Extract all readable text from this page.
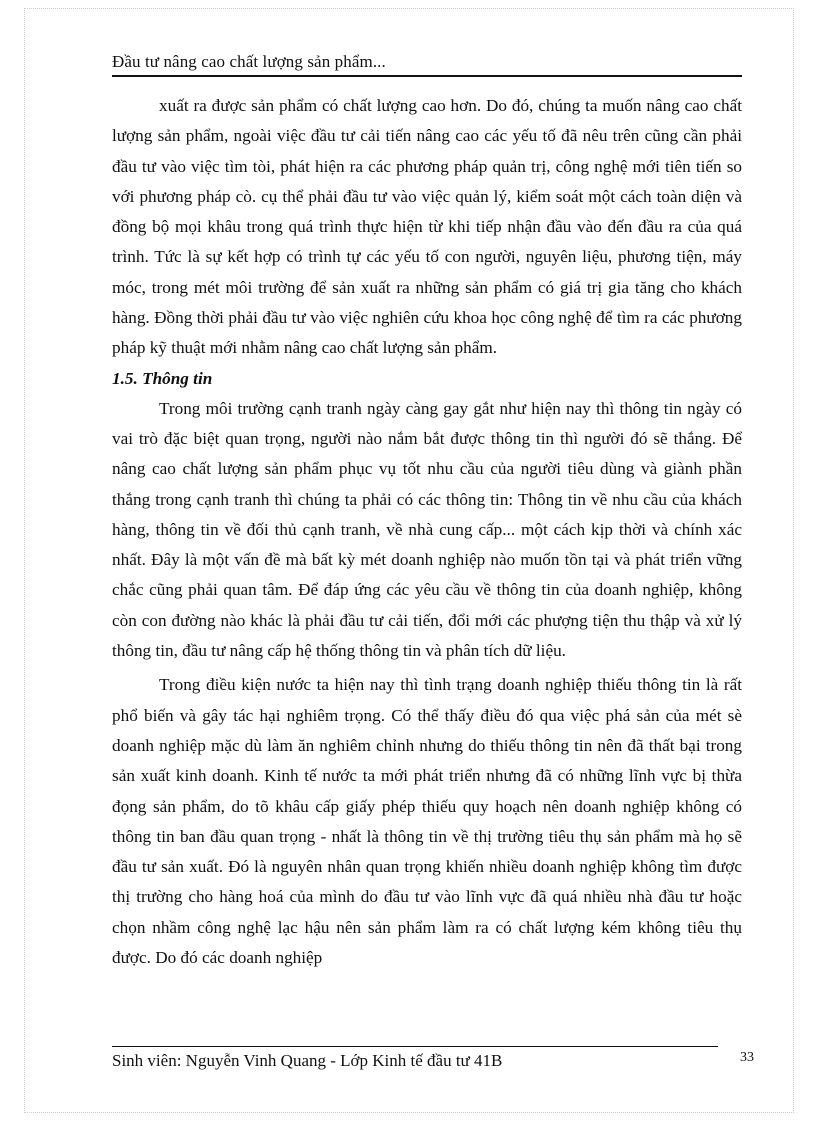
Đầu tư nâng cao chất lượng sản phẩm...

xuất ra được sản phẩm có chất lượng cao hơn. Do đó, chúng ta muốn nâng cao chất lượng sản phẩm, ngoài việc đầu tư cải tiến nâng cao các yếu tố đã nêu trên cũng cần phải đầu tư vào việc tìm tòi, phát hiện ra các phương pháp quản trị, công nghệ mới tiên tiến so với phương pháp cò. cụ thể phải đầu tư vào việc quản lý, kiểm soát một cách toàn diện và đồng bộ mọi khâu trong quá trình thực hiện từ khi tiếp nhận đầu vào đến đầu ra của quá trình. Tức là sự kết hợp có trình tự các yếu tố con người, nguyên liệu, phương tiện, máy móc, trong mét môi trường để sản xuất ra những sản phẩm có giá trị gia tăng cho khách hàng. Đồng thời phải đầu tư vào việc nghiên cứu khoa học công nghệ để tìm ra các phương pháp kỹ thuật mới nhằm nâng cao chất lượng sản phẩm.

1.5. Thông tin

Trong môi trường cạnh tranh ngày càng gay gắt như hiện nay thì thông tin ngày có vai trò đặc biệt quan trọng, người nào nắm bắt được thông tin thì người đó sẽ thắng. Để nâng cao chất lượng sản phẩm phục vụ tốt nhu cầu của người tiêu dùng và giành phần thắng trong cạnh tranh thì chúng ta phải có các thông tin: Thông tin về nhu cầu của khách hàng, thông tin về đối thủ cạnh tranh, về nhà cung cấp... một cách kịp thời và chính xác nhất. Đây là một vấn đề mà bất kỳ mét doanh nghiệp nào muốn tồn tại và phát triển vững chắc cũng phải quan tâm. Để đáp ứng các yêu cầu về thông tin của doanh nghiệp, không còn con đường nào khác là phải đầu tư cải tiến, đổi mới các phượng tiện thu thập và xử lý thông tin, đầu tư nâng cấp hệ thống thông tin và phân tích dữ liệu.

Trong điều kiện nước ta hiện nay thì tình trạng doanh nghiệp thiếu thông tin là rất phổ biến và gây tác hại nghiêm trọng. Có thể thấy điều đó qua việc phá sản của mét sè doanh nghiệp mặc dù làm ăn nghiêm chỉnh nhưng do thiếu thông tin nên đã thất bại trong sản xuất kinh doanh. Kinh tế nước ta mới phát triển nhưng đã có những lĩnh vực bị thừa đọng sản phẩm, do tõ khâu cấp giấy phép thiếu quy hoạch nên doanh nghiệp không có thông tin ban đầu quan trọng - nhất là thông tin về thị trường tiêu thụ sản phẩm mà họ sẽ đầu tư sản xuất. Đó là nguyên nhân quan trọng khiến nhiều doanh nghiệp không tìm được thị trường cho hàng hoá của mình do đầu tư vào lĩnh vực đã quá nhiều nhà đầu tư hoặc chọn nhầm công nghệ lạc hậu nên sản phẩm làm ra có chất lượng kém không tiêu thụ được. Do đó các doanh nghiệp

Sinh viên: Nguyễn Vinh Quang - Lớp Kinh tế đầu tư 41B	33
